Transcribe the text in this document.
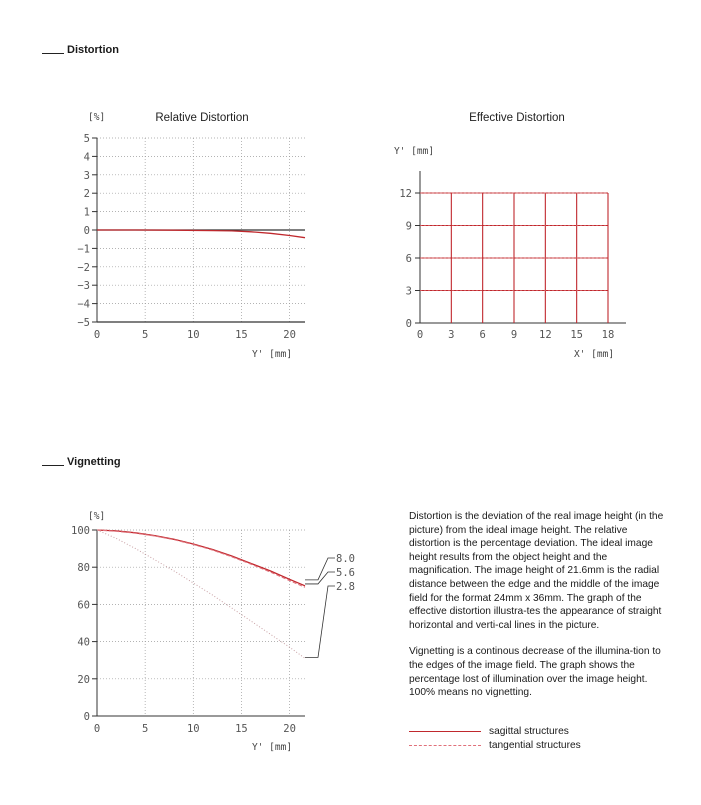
Distortion
Vignetting
[%]	Relative Distortion
Y' [mm]
5
4
3
2
1
0
−1
−2
−3
−4
−5
0	5	10	15	20
Effective Distortion
Y' [mm]
X' [mm]
0
3
6
9
12
0 3 6 9 12 15 18
[%]
Y' [mm]
100
80
60
40
20
0
0	5	10	15	20
8.0
5.6
2.8

Distortion is the deviation of the real image height (in the picture) from the ideal image height. The relative distortion is the percentage deviation. The ideal image height results from the object height and the magnification. The image height of 21.6mm is the radial distance between the edge and the middle of the image field for the format 24mm x 36mm. The graph of the effective distortion illustra-tes the appearance of straight horizontal and verti-cal lines in the picture.

Vignetting is a continous decrease of the illumina-tion to the edges of the image field. The graph shows the percentage lost of illumination over the image height. 100% means no vignetting.

sagittal structures
tangential structures
